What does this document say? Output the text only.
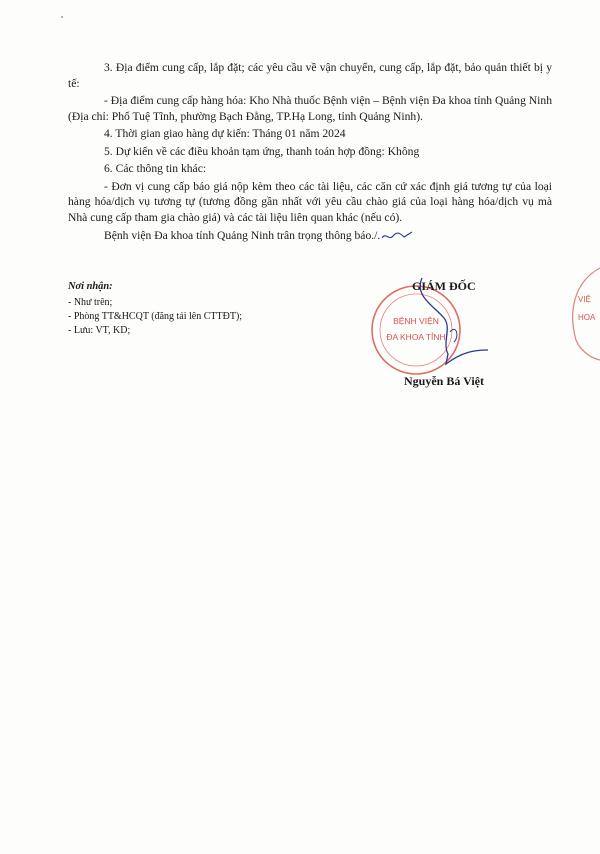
3. Địa điểm cung cấp, lắp đặt; các yêu cầu về vận chuyển, cung cấp, lắp đặt, bảo quản thiết bị y tế:

- Địa điểm cung cấp hàng hóa: Kho Nhà thuốc Bệnh viện – Bệnh viện Đa khoa tỉnh Quảng Ninh (Địa chỉ: Phố Tuệ Tĩnh, phường Bạch Đằng, TP.Hạ Long, tỉnh Quảng Ninh).

4. Thời gian giao hàng dự kiến: Tháng 01 năm 2024

5. Dự kiến về các điều khoản tạm ứng, thanh toán hợp đồng: Không

6. Các thông tin khác:

- Đơn vị cung cấp báo giá nộp kèm theo các tài liệu, các căn cứ xác định giá tương tự của loại hàng hóa/dịch vụ tương tự (tương đồng gần nhất với yêu cầu chào giá của loại hàng hóa/dịch vụ mà Nhà cung cấp tham gia chào giá) và các tài liệu liên quan khác (nếu có).

Bệnh viện Đa khoa tỉnh Quảng Ninh trân trọng thông báo./.

Nơi nhận:
- Như trên;
- Phòng TT&HCQT (đăng tải lên CTTĐT);
- Lưu: VT, KD;
BỆNH VIỆN
ĐA KHOA TỈNH
GIÁM ĐỐC
Nguyễn Bá Việt
VIỆ
HOA
